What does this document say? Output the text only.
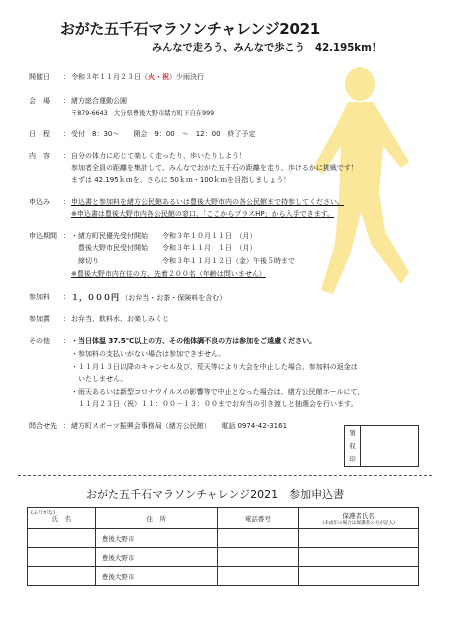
おがた五千石マラソンチャレンジ2021
みんなで走ろう、みんなで歩こう　42.195km！
開催日	： 令和３年１１月２３日（火・祝）少雨決行
会　場	： 緒方総合運動公園
〒879-6643　大分県豊後大野市緒方町下自在999
日　程	： 受付　8：30～　　開会　9：00　～　12：00　終了予定
内　容	： 自分の体力に応じて楽しく走ったり、歩いたりしよう！
参加者全員の距離を集計して、みんなでおがた五千石の距離を走り、歩けるかに挑戦です！
まずは 42.195ｋｍを、さらに 50ｋｍ・100ｋｍを目指しましょう！
申込み	： 申込書と参加料を緒方公民館あるいは豊後大野市内の各公民館まで持参してください。
※申込書は豊後大野市内各公民館の窓口、「ここからプラスHP」から入手できます。
申込期間 ： ・緒方町民優先受付開始　　令和３年１０月１１日　（月）
　豊後大野市民受付開始　　令和３年１１月　１日　（月）
　締切り　　　　　　　　　令和３年１１月１２日（金）午後５時まで
※豊後大野市内在住の方、先着２００名（年齢は問いません）
参加料	： １，０００円 （お弁当・お茶・保険料を含む）
参加賞	： お弁当、飲料水、お楽しみくじ
その他	： ・当日体温 37.5℃以上の方、その他体調不良の方は参加をご遠慮ください。
・参加料の支払いがない場合は参加できません。
・１１月１３日以降のキャンセル及び、荒天等により大会を中止した場合、参加料の返金は
　いたしません。
・雨天あるいは新型コロナウイルスの影響等で中止となった場合は、緒方公民館ホールにて、
　１１月２３日（祝）１１：００－１３：００までお弁当の引き渡しと抽選会を行います。
問合せ先 ： 緒方町スポーツ振興会事務局（緒方公民館）　　電話 0974-42-3161
領
収
印
おがた五千石マラソンチャレンジ2021　参加申込書
(ふりがな)
氏　名	住　所	電話番号	保護者氏名
(未成年の場合は保護者の方が記入)

	豊後大野市		
	豊後大野市		
	豊後大野市		
